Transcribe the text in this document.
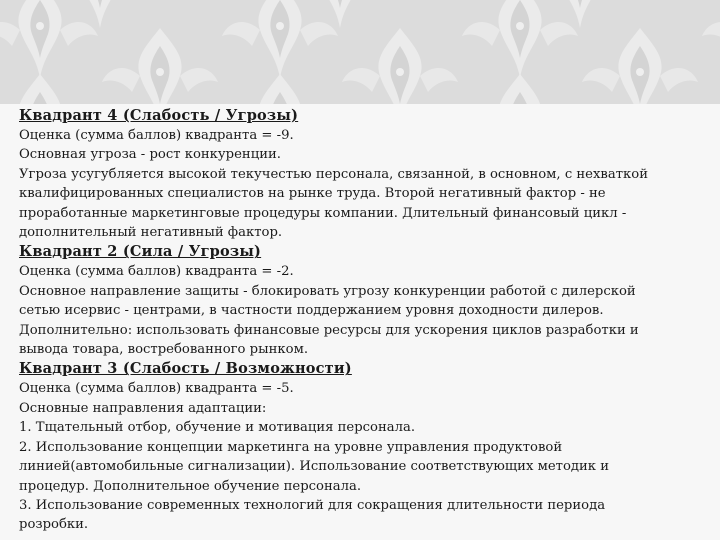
Квадрант 4 (Слабость / Угрозы)

Оценка (сумма баллов) квадранта = -9.

Основная угроза - рост конкуренции.

Угроза усугубляется высокой текучестью персонала, связанной, в основном, с нехваткой

квалифицированных специалистов на рынке труда. Второй негативный фактор - не

проработанные маркетинговые процедуры компании. Длительный финансовый цикл -

дополнительный негативный фактор.

Квадрант 2 (Сила / Угрозы)

Оценка (сумма баллов) квадранта = -2.

Основное направление защиты - блокировать угрозу конкуренции работой с дилерской

сетью исервис - центрами, в частности поддержанием уровня доходности дилеров.

Дополнительно: использовать финансовые ресурсы для ускорения циклов разработки и

вывода товара, востребованного рынком.

Квадрант 3 (Слабость / Возможности)

Оценка (сумма баллов) квадранта = -5.

Основные направления адаптации:

1. Тщательный отбор, обучение и мотивация персонала.

2. Использование концепции маркетинга на уровне управления продуктовой

линией(автомобильные сигнализации). Использование соответствующих методик и

процедур. Дополнительное обучение персонала.

3. Использование современных технологий для сокращения длительности периода

розробки.
